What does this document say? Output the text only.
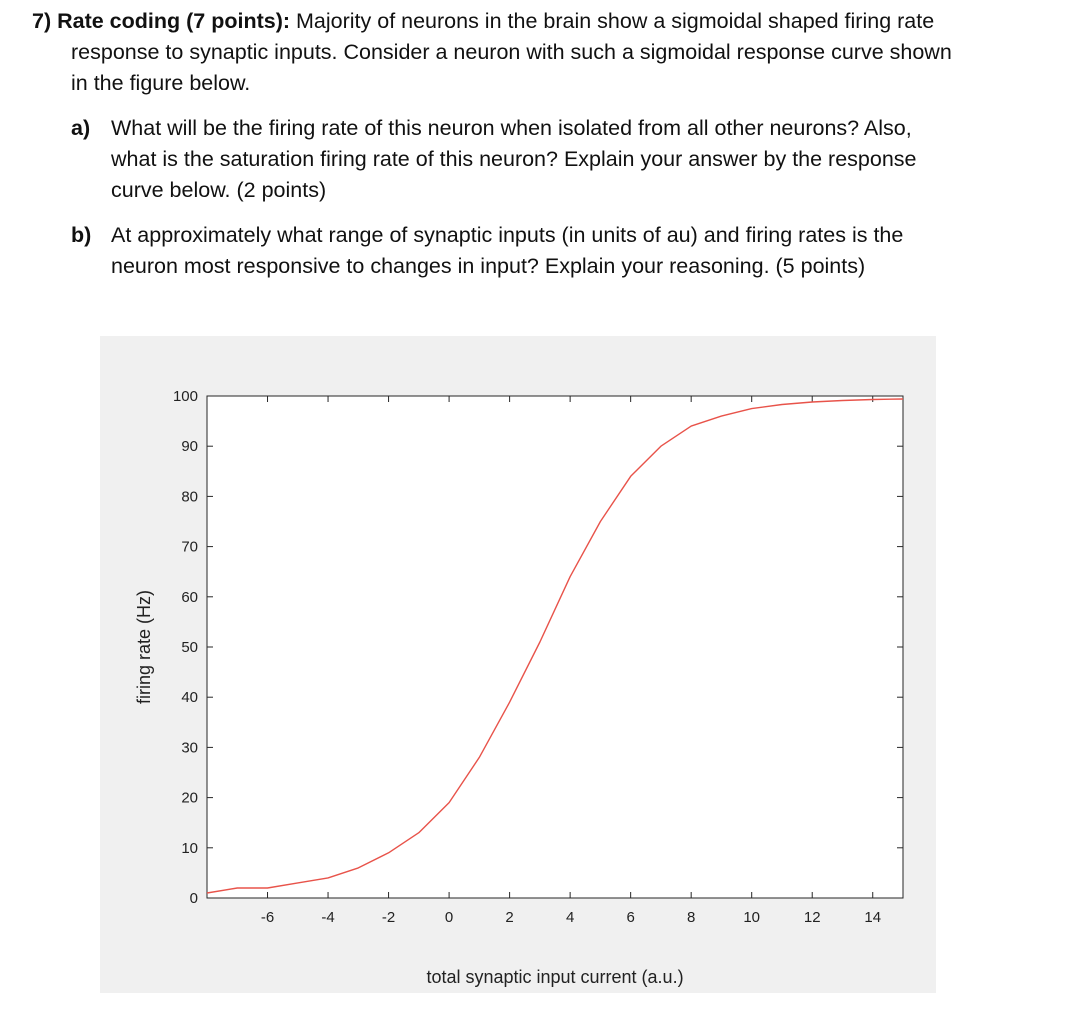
7) Rate coding (7 points): Majority of neurons in the brain show a sigmoidal shaped firing rate
response to synaptic inputs. Consider a neuron with such a sigmoidal response curve shown
in the figure below.
a) What will be the firing rate of this neuron when isolated from all other neurons? Also,
what is the saturation firing rate of this neuron? Explain your answer by the response
curve below. (2 points)
b) At approximately what range of synaptic inputs (in units of au) and firing rates is the
neuron most responsive to changes in input? Explain your reasoning. (5 points)
-6	-4	-2	0	2	4	6	8	10	12	14
0
10
20
30
40
50
60
70
80
90
100
total synaptic input current (a.u.)
firing rate (Hz)
